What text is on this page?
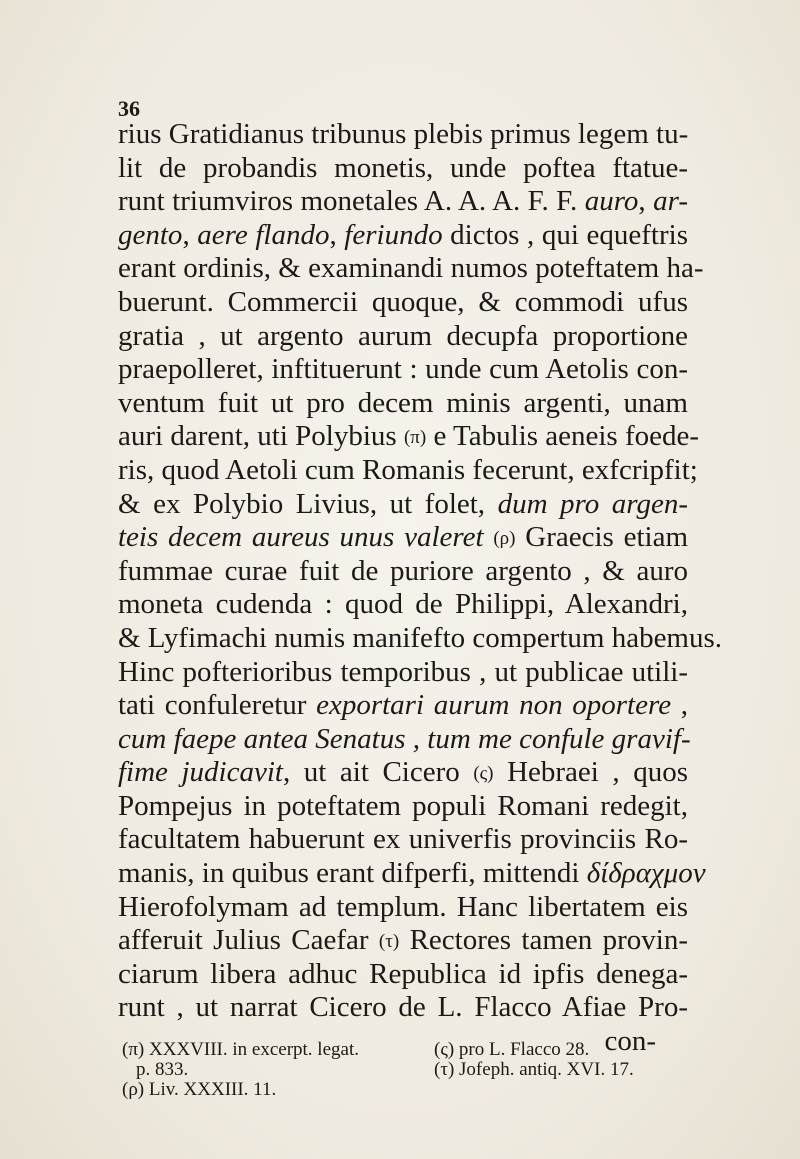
36
rius Gratidianus tribunus plebis primus legem tu-
lit de probandis monetis, unde poftea ftatue-
runt triumviros monetales A. A. A. F. F. auro, ar-
gento, aere flando, feriundo dictos , qui equeftris
erant ordinis, & examinandi numos poteftatem ha-
buerunt. Commercii quoque, & commodi ufus
gratia , ut argento aurum decupfa proportione
praepolleret, inftituerunt : unde cum Aetolis con-
ventum fuit ut pro decem minis argenti, unam
auri darent, uti Polybius (π) e Tabulis aeneis foede-
ris, quod Aetoli cum Romanis fecerunt, exfcripfit;
& ex Polybio Livius, ut folet, dum pro argen-
teis decem aureus unus valeret (ρ) Graecis etiam
fummae curae fuit de puriore argento , & auro
moneta cudenda : quod de Philippi, Alexandri,
& Lyfimachi numis manifefto compertum habemus.
Hinc pofterioribus temporibus , ut publicae utili-
tati confuleretur exportari aurum non oportere ,
cum faepe antea Senatus , tum me confule gravif-
fime judicavit, ut ait Cicero (ς) Hebraei , quos
Pompejus in poteftatem populi Romani redegit,
facultatem habuerunt ex univerfis provinciis Ro-
manis, in quibus erant difperfi, mittendi δίδραχμον
Hierofolymam ad templum. Hanc libertatem eis
afferuit Julius Caefar (τ) Rectores tamen provin-
ciarum libera adhuc Republica id ipfis denega-
runt , ut narrat Cicero de L. Flacco Afiae Pro-
con-
(π) XXXVIII. in excerpt. legat.
p. 833.
(ρ) Liv. XXXIII. 11.
(ς) pro L. Flacco 28.
(τ) Jofeph. antiq. XVI. 17.
